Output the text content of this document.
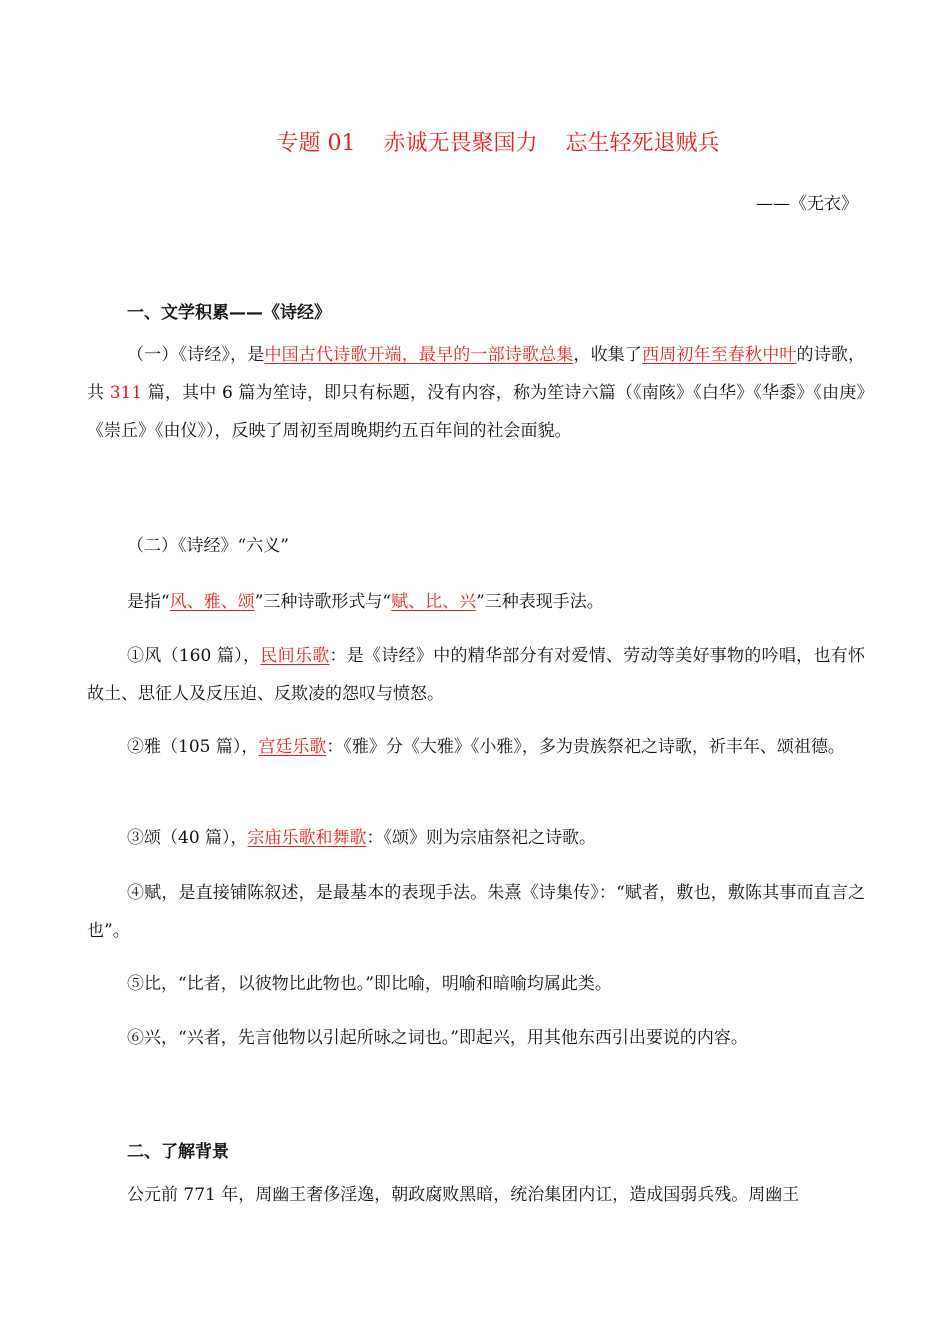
专题 01    赤诚无畏聚国力    忘生轻死退贼兵
——《无衣》
一、文学积累——《诗经》

（一）《诗经》，是中国古代诗歌开端，最早的一部诗歌总集，收集了西周初年至春秋中叶的诗歌，共 311 篇，其中 6 篇为笙诗，即只有标题，没有内容，称为笙诗六篇（《南陔》《白华》《华黍》《由庚》《崇丘》《由仪》），反映了周初至周晚期约五百年间的社会面貌。

（二）《诗经》“六义”

是指“风、雅、颂”三种诗歌形式与“赋、比、兴”三种表现手法。

①风（160 篇），民间乐歌：是《诗经》中的精华部分有对爱情、劳动等美好事物的吟唱，也有怀故土、思征人及反压迫、反欺凌的怨叹与愤怒。

②雅（105 篇），宫廷乐歌：《雅》分《大雅》《小雅》，多为贵族祭祀之诗歌，祈丰年、颂祖德。

③颂（40 篇），宗庙乐歌和舞歌：《颂》则为宗庙祭祀之诗歌。

④赋，是直接铺陈叙述，是最基本的表现手法。朱熹《诗集传》：“赋者，敷也，敷陈其事而直言之也”。

⑤比，“比者，以彼物比此物也。”即比喻，明喻和暗喻均属此类。

⑥兴，“兴者，先言他物以引起所咏之词也。”即起兴，用其他东西引出要说的内容。

二、了解背景

公元前 771 年，周幽王奢侈淫逸，朝政腐败黑暗，统治集团内讧，造成国弱兵残。周幽王
